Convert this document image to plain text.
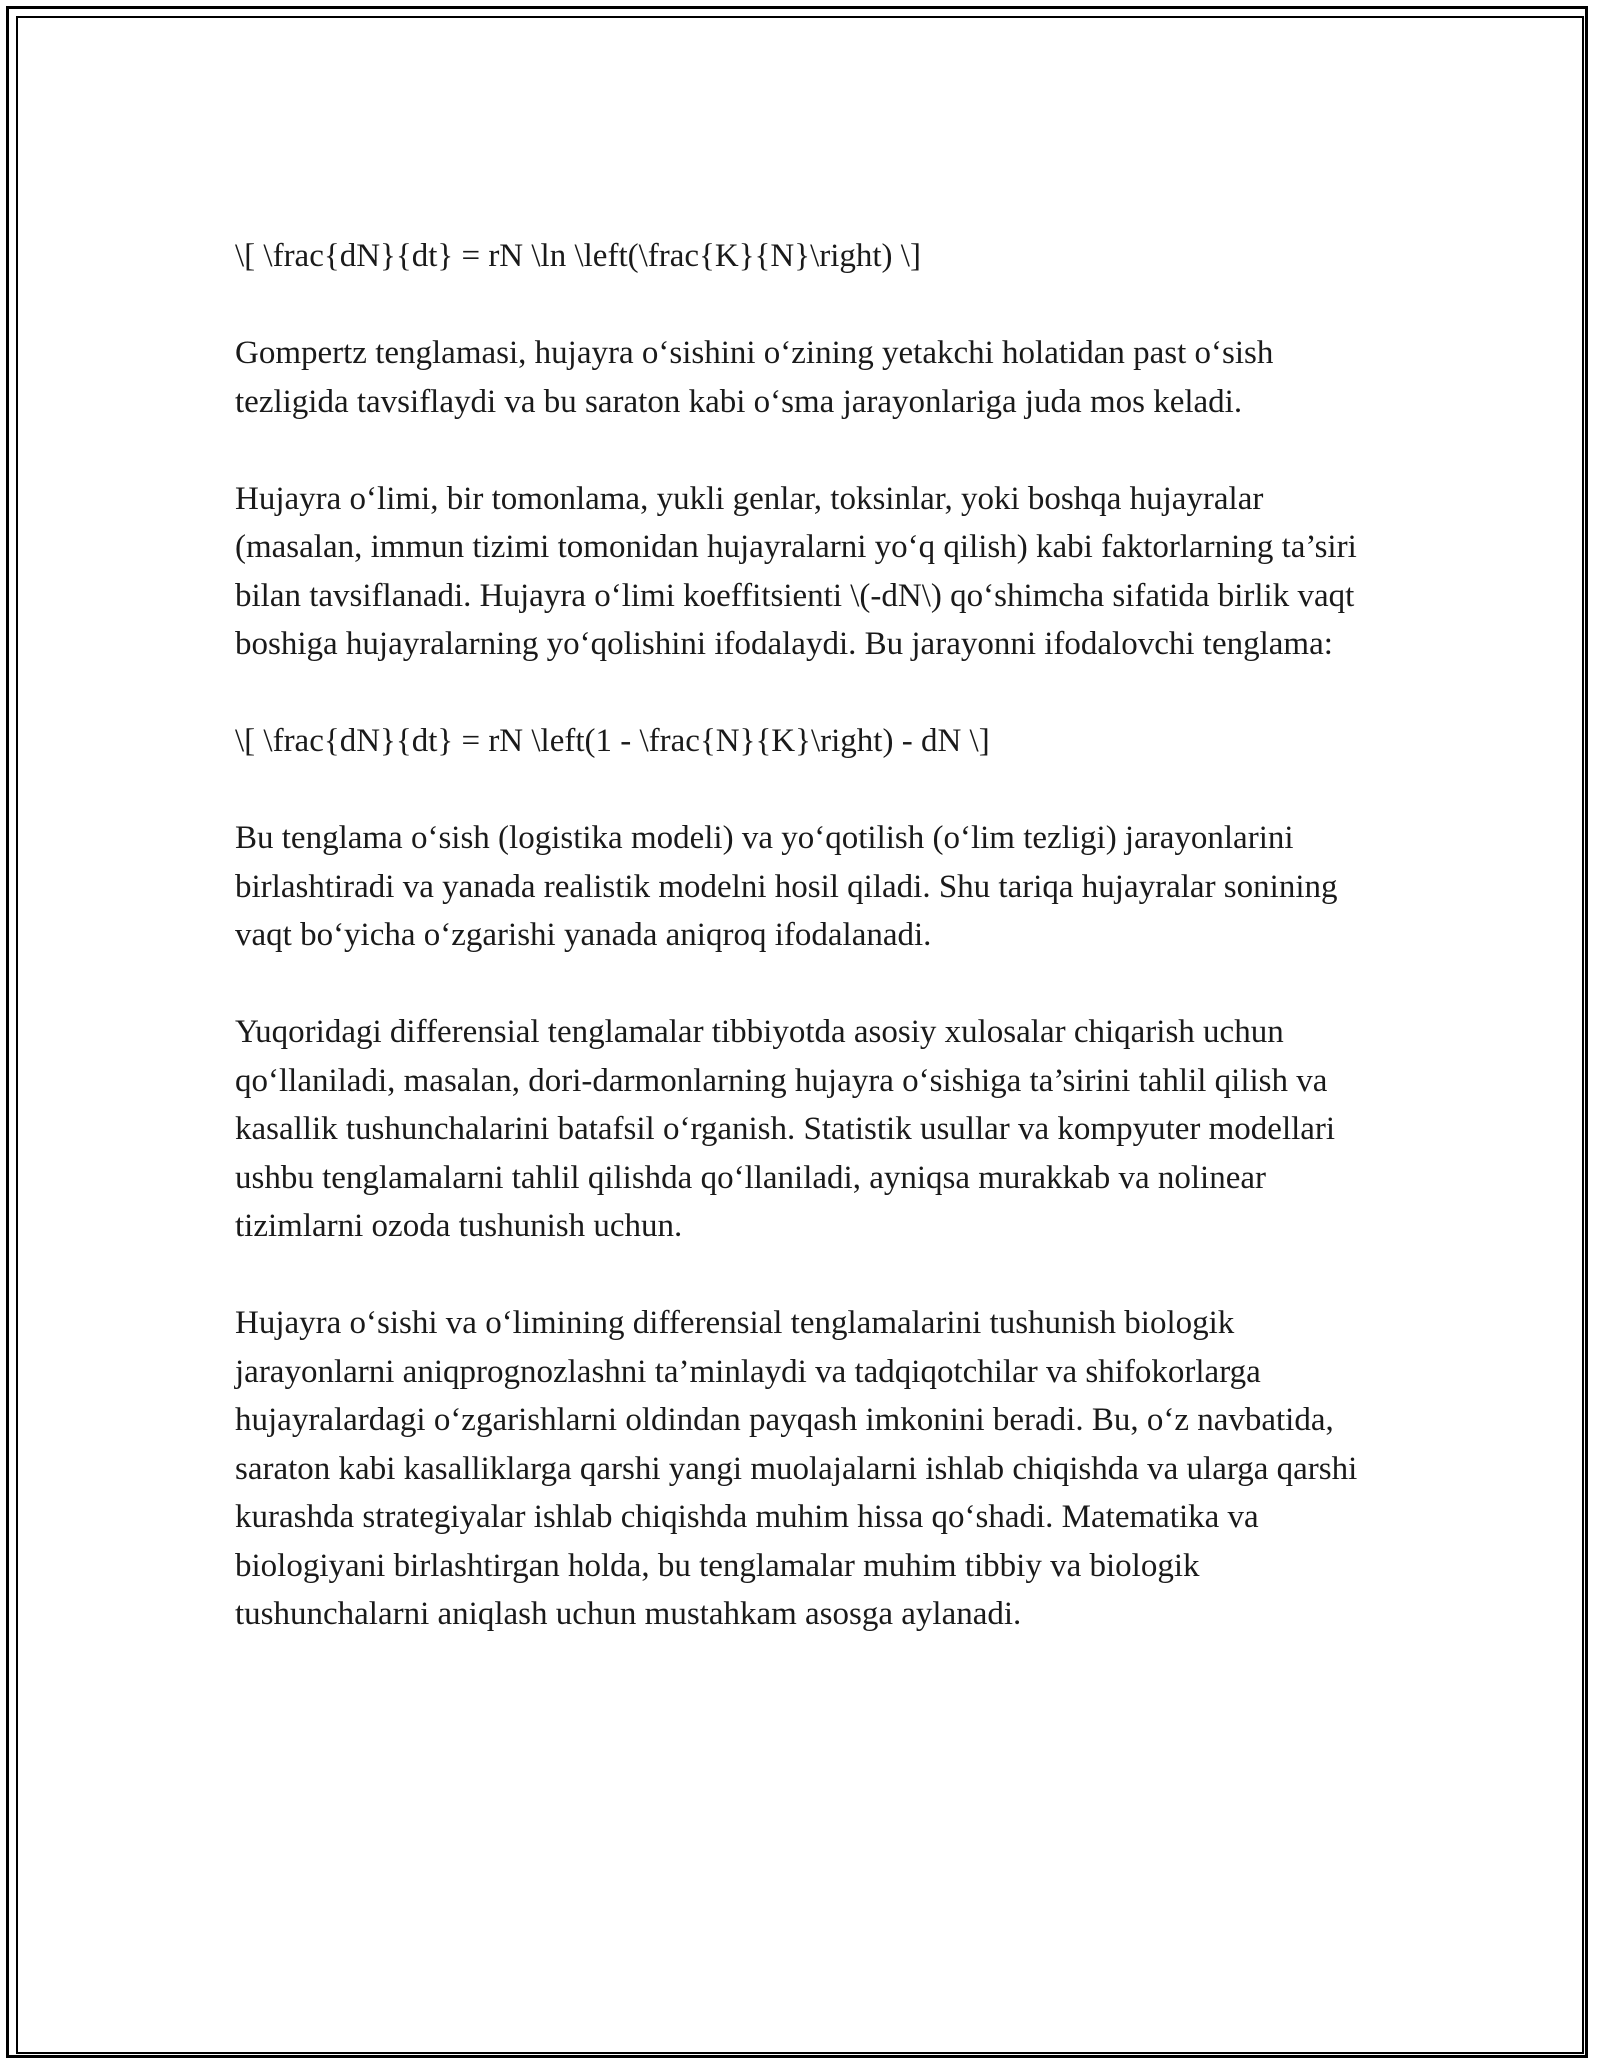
\[ \frac{dN}{dt} = rN \ln \left(\frac{K}{N}\right) \]

Gompertz tenglamasi, hujayra o‘sishini o‘zining yetakchi holatidan past o‘sish tezligida tavsiflaydi va bu saraton kabi o‘sma jarayonlariga juda mos keladi.

Hujayra o‘limi, bir tomonlama, yukli genlar, toksinlar, yoki boshqa hujayralar (masalan, immun tizimi tomonidan hujayralarni yo‘q qilish) kabi faktorlarning ta’siri bilan tavsiflanadi. Hujayra o‘limi koeffitsienti \(-dN\) qo‘shimcha sifatida birlik vaqt boshiga hujayralarning yo‘qolishini ifodalaydi. Bu jarayonni ifodalovchi tenglama:

\[ \frac{dN}{dt} = rN \left(1 - \frac{N}{K}\right) - dN \]

Bu tenglama o‘sish (logistika modeli) va yo‘qotilish (o‘lim tezligi) jarayonlarini birlashtiradi va yanada realistik modelni hosil qiladi. Shu tariqa hujayralar sonining vaqt bo‘yicha o‘zgarishi yanada aniqroq ifodalanadi.

Yuqoridagi differensial tenglamalar tibbiyotda asosiy xulosalar chiqarish uchun qo‘llaniladi, masalan, dori-darmonlarning hujayra o‘sishiga ta’sirini tahlil qilish va kasallik tushunchalarini batafsil o‘rganish. Statistik usullar va kompyuter modellari ushbu tenglamalarni tahlil qilishda qo‘llaniladi, ayniqsa murakkab va nolinear tizimlarni ozoda tushunish uchun.

Hujayra o‘sishi va o‘limining differensial tenglamalarini tushunish biologik jarayonlarni aniqprognozlashni ta’minlaydi va tadqiqotchilar va shifokorlarga hujayralardagi o‘zgarishlarni oldindan payqash imkonini beradi. Bu, o‘z navbatida, saraton kabi kasalliklarga qarshi yangi muolajalarni ishlab chiqishda va ularga qarshi kurashda strategiyalar ishlab chiqishda muhim hissa qo‘shadi. Matematika va biologiyani birlashtirgan holda, bu tenglamalar muhim tibbiy va biologik tushunchalarni aniqlash uchun mustahkam asosga aylanadi.
